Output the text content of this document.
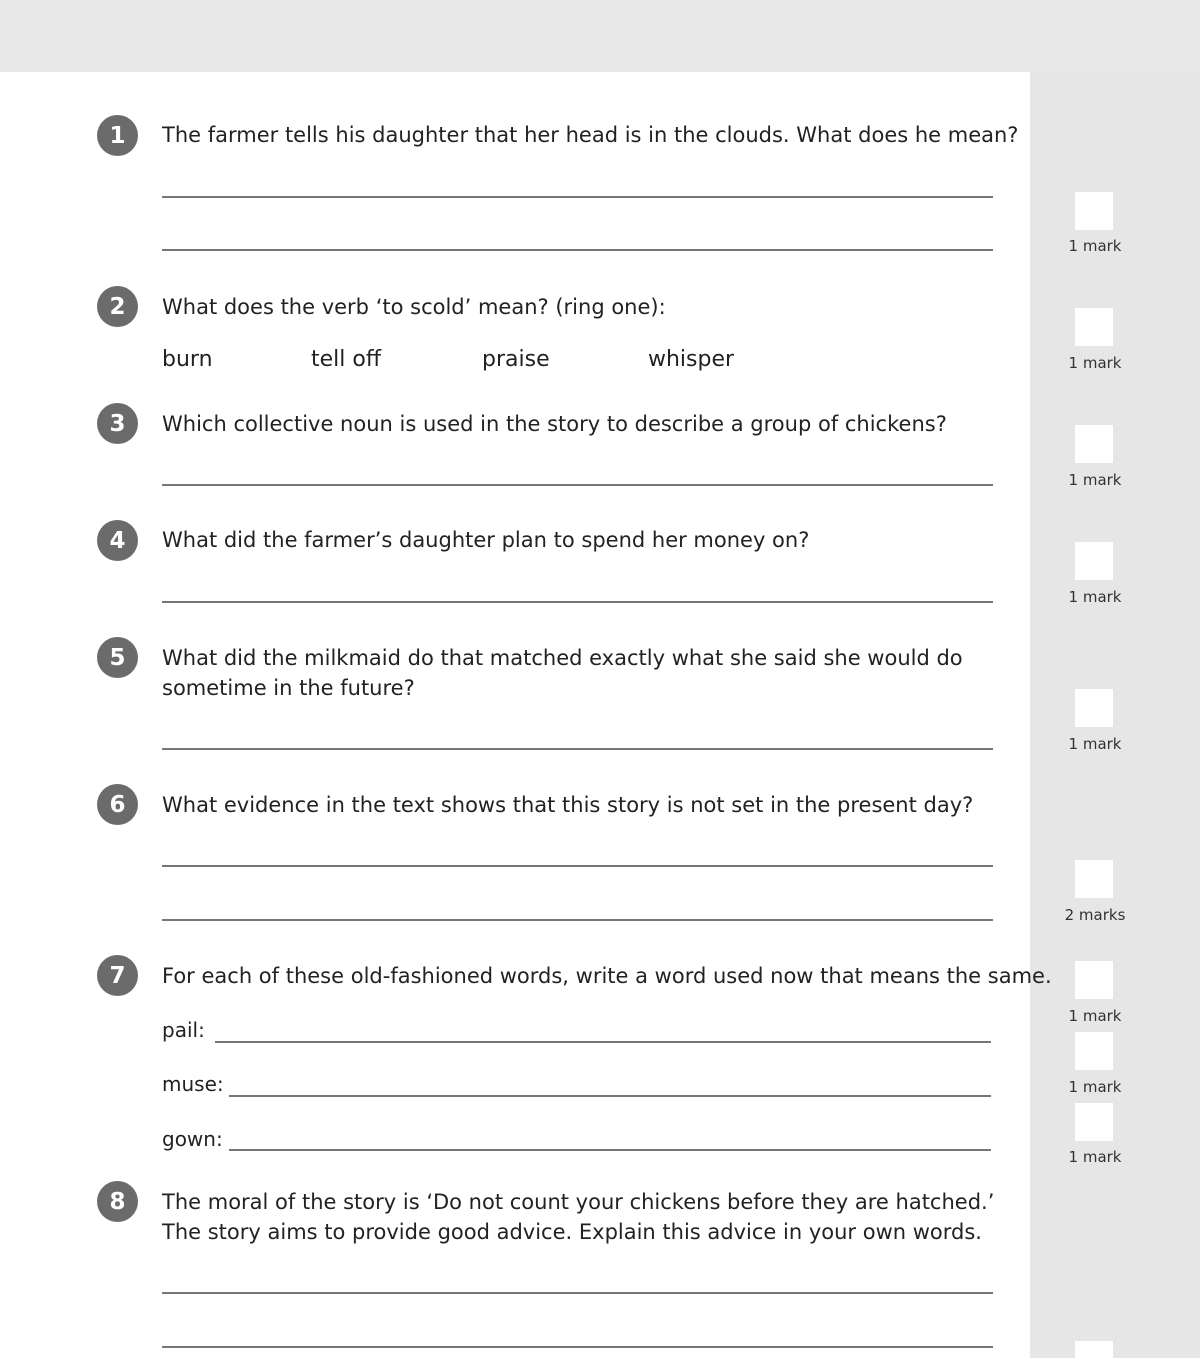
1	The farmer tells his daughter that her head is in the clouds. What does he mean?
2	What does the verb ‘to scold’ mean? (ring one):
burn	tell off	praise	whisper
3	Which collective noun is used in the story to describe a group of chickens?
4	What did the farmer’s daughter plan to spend her money on?
5	What did the milkmaid do that matched exactly what she said she would do
sometime in the future?
6	What evidence in the text shows that this story is not set in the present day?
7	For each of these old-fashioned words, write a word used now that means the same.
pail:
muse:
gown:
8	The moral of the story is ‘Do not count your chickens before they are hatched.’
The story aims to provide good advice. Explain this advice in your own words.
1 mark
1 mark
1 mark
1 mark
1 mark
2 marks
1 mark
1 mark
1 mark
